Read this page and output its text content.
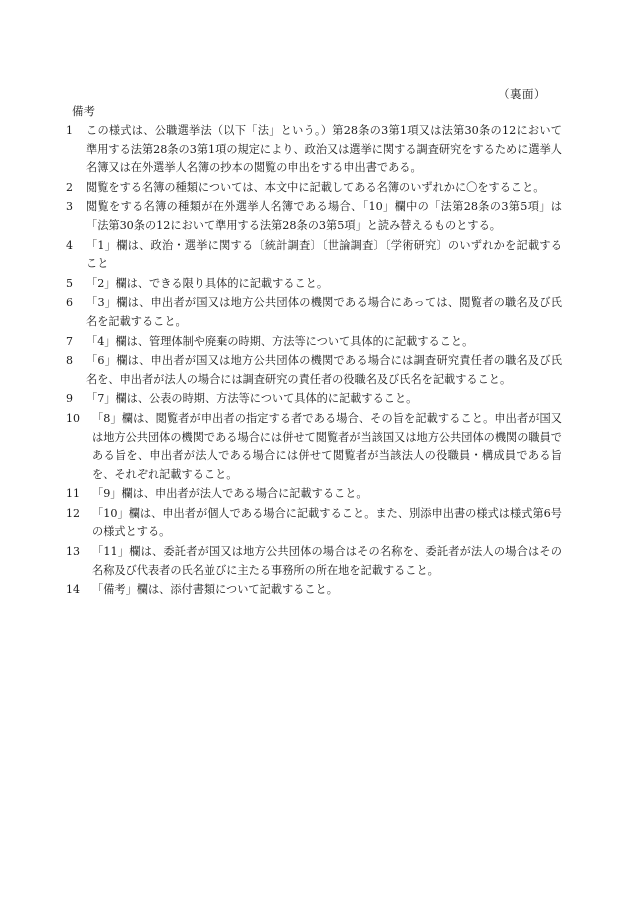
（裏面）
備考
1	この様式は、公職選挙法（以下「法」という。）第28条の3第1項又は法第30条の12において準用する法第28条の3第1項の規定により、政治又は選挙に関する調査研究をするために選挙人名簿又は在外選挙人名簿の抄本の閲覧の申出をする申出書である。
2	閲覧をする名簿の種類については、本文中に記載してある名簿のいずれかに〇をすること。
3	閲覧をする名簿の種類が在外選挙人名簿である場合、「10」欄中の「法第28条の3第5項」は「法第30条の12において準用する法第28条の3第5項」と読み替えるものとする。
4	「1」欄は、政治・選挙に関する〔統計調査〕〔世論調査〕〔学術研究〕のいずれかを記載すること
5	「2」欄は、できる限り具体的に記載すること。
6	「3」欄は、申出者が国又は地方公共団体の機関である場合にあっては、閲覧者の職名及び氏名を記載すること。
7	「4」欄は、管理体制や廃棄の時期、方法等について具体的に記載すること。
8	「6」欄は、申出者が国又は地方公共団体の機関である場合には調査研究責任者の職名及び氏名を、申出者が法人の場合には調査研究の責任者の役職名及び氏名を記載すること。
9	「7」欄は、公表の時期、方法等について具体的に記載すること。
10 「8」欄は、閲覧者が申出者の指定する者である場合、その旨を記載すること。申出者が国又は地方公共団体の機関である場合には併せて閲覧者が当該国又は地方公共団体の機関の職員である旨を、申出者が法人である場合には併せて閲覧者が当該法人の役職員・構成員である旨を、それぞれ記載すること。
11 「9」欄は、申出者が法人である場合に記載すること。
12 「10」欄は、申出者が個人である場合に記載すること。また、別添申出書の様式は様式第6号の様式とする。
13 「11」欄は、委託者が国又は地方公共団体の場合はその名称を、委託者が法人の場合はその名称及び代表者の氏名並びに主たる事務所の所在地を記載すること。
14 「備考」欄は、添付書類について記載すること。
